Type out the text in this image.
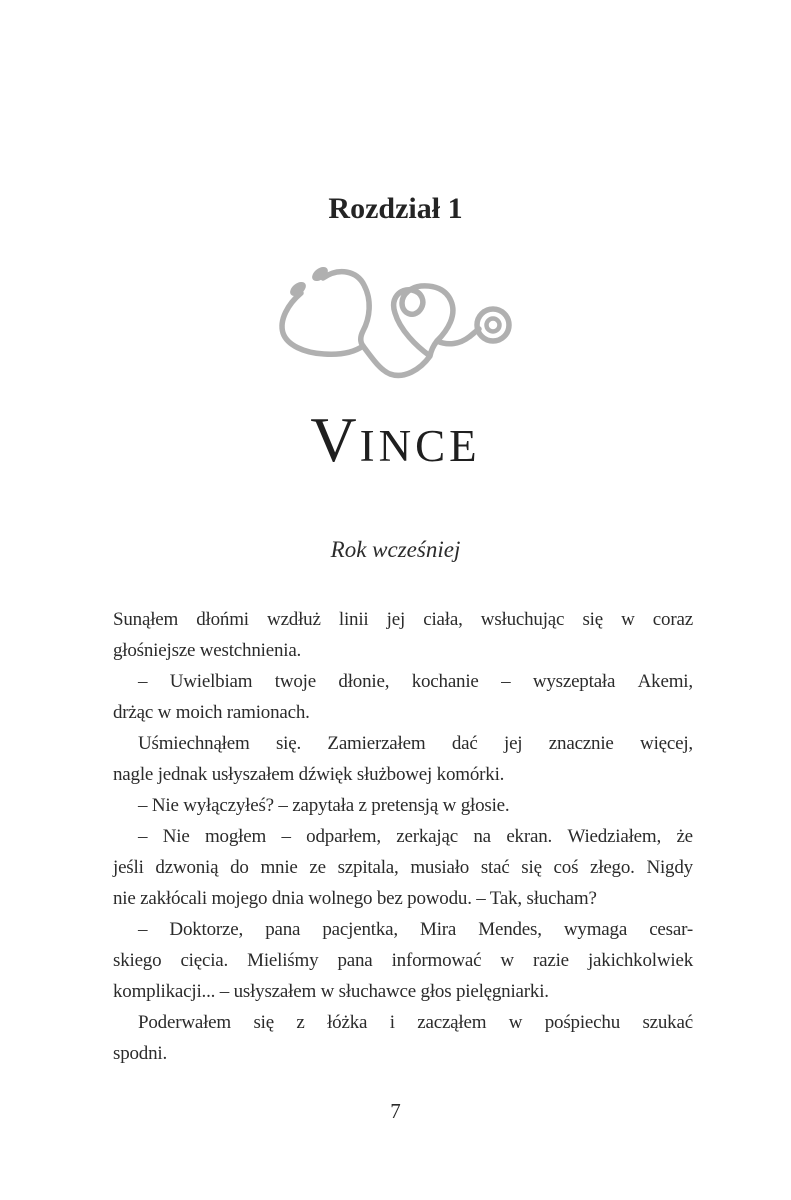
Rozdział 1
VINCE
Rok wcześniej
Sunąłem dłońmi wzdłuż linii jej ciała, wsłuchując się w coraz
głośniejsze westchnienia.
– Uwielbiam twoje dłonie, kochanie – wyszeptała Akemi,
drżąc w moich ramionach.
Uśmiechnąłem się. Zamierzałem dać jej znacznie więcej,
nagle jednak usłyszałem dźwięk służbowej komórki.
– Nie wyłączyłeś? – zapytała z pretensją w głosie.
– Nie mogłem – odparłem, zerkając na ekran. Wiedziałem, że
jeśli dzwonią do mnie ze szpitala, musiało stać się coś złego. Nigdy
nie zakłócali mojego dnia wolnego bez powodu. – Tak, słucham?
– Doktorze, pana pacjentka, Mira Mendes, wymaga cesar-
skiego cięcia. Mieliśmy pana informować w razie jakichkolwiek
komplikacji... – usłyszałem w słuchawce głos pielęgniarki.
Poderwałem się z łóżka i zacząłem w pośpiechu szukać
spodni.
7
